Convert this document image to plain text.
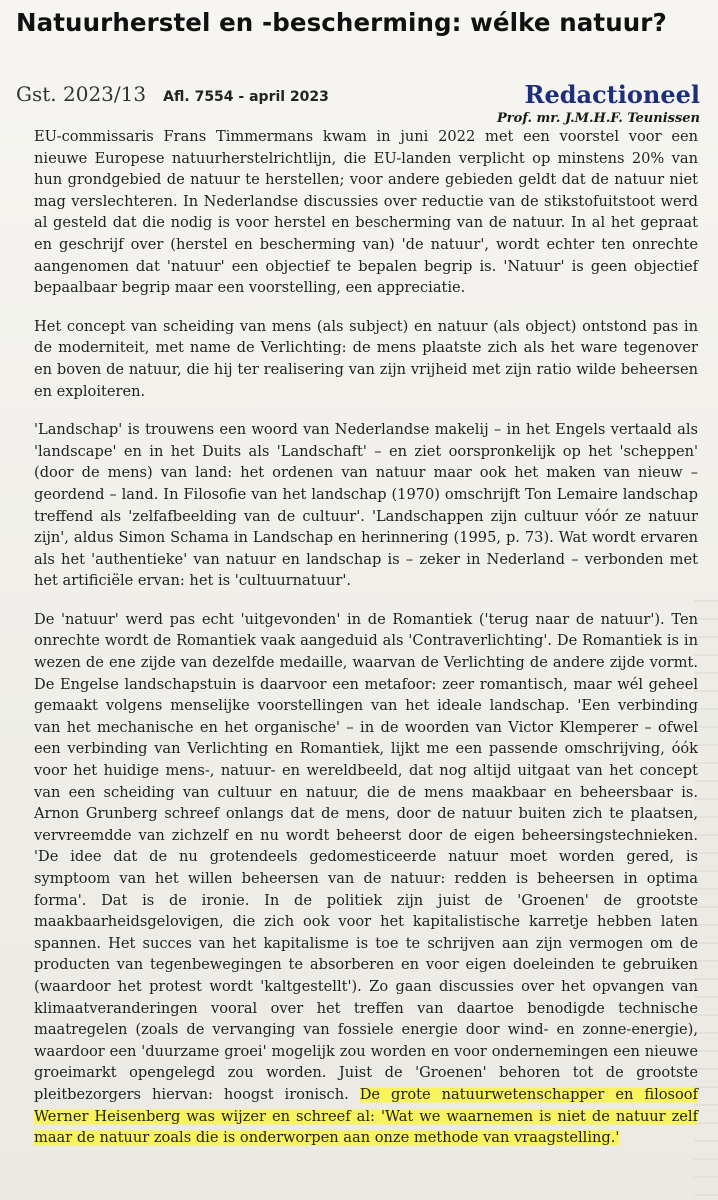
Natuurherstel en -bescherming: wélke natuur?
Gst. 2023/13 Afl. 7554 - april 2023	Redactioneel
Prof. mr. J.M.H.F. Teunissen

EU-commissaris Frans Timmermans kwam in juni 2022 met een voorstel voor een nieuwe Europese natuurherstelrichtlijn, die EU-landen verplicht op minstens 20% van hun grondgebied de natuur te herstellen; voor andere gebieden geldt dat de natuur niet mag verslechteren. In Nederlandse discussies over reductie van de stikstofuitstoot werd al gesteld dat die nodig is voor herstel en bescherming van de natuur. In al het gepraat en geschrijf over (herstel en bescherming van) 'de natuur', wordt echter ten onrechte aangenomen dat 'natuur' een objectief te bepalen begrip is. 'Natuur' is geen objectief bepaalbaar begrip maar een voorstelling, een appreciatie.

Het concept van scheiding van mens (als subject) en natuur (als object) ontstond pas in de moderniteit, met name de Verlichting: de mens plaatste zich als het ware tegenover en boven de natuur, die hij ter realisering van zijn vrijheid met zijn ratio wilde beheersen en exploiteren.

'Landschap' is trouwens een woord van Nederlandse makelij – in het Engels vertaald als 'landscape' en in het Duits als 'Landschaft' – en ziet oorspronkelijk op het 'scheppen' (door de mens) van land: het ordenen van natuur maar ook het maken van nieuw – geordend – land. In Filosofie van het landschap (1970) omschrijft Ton Lemaire landschap treffend als 'zelfafbeelding van de cultuur'. 'Landschappen zijn cultuur vóór ze natuur zijn', aldus Simon Schama in Landschap en herinnering (1995, p. 73). Wat wordt ervaren als het 'authentieke' van natuur en landschap is – zeker in Nederland – verbonden met het artificiële ervan: het is 'cultuurnatuur'.

De 'natuur' werd pas echt 'uitgevonden' in de Romantiek ('terug naar de natuur'). Ten onrechte wordt de Romantiek vaak aangeduid als 'Contraverlichting'. De Romantiek is in wezen de ene zijde van dezelfde medaille, waarvan de Verlichting de andere zijde vormt. De Engelse landschapstuin is daarvoor een metafoor: zeer romantisch, maar wél geheel gemaakt volgens menselijke voorstellingen van het ideale landschap. 'Een verbinding van het mechanische en het organische' – in de woorden van Victor Klemperer – ofwel een verbinding van Verlichting en Romantiek, lijkt me een passende omschrijving, óók voor het huidige mens-, natuur- en wereldbeeld, dat nog altijd uitgaat van het concept van een scheiding van cultuur en natuur, die de mens maakbaar en beheersbaar is. Arnon Grunberg schreef onlangs dat de mens, door de natuur buiten zich te plaatsen, vervreemdde van zichzelf en nu wordt beheerst door de eigen beheersingstechnieken. 'De idee dat de nu grotendeels gedomesticeerde natuur moet worden gered, is symptoom van het willen beheersen van de natuur: redden is beheersen in optima forma'. Dat is de ironie. In de politiek zijn juist de 'Groenen' de grootste maakbaarheidsgelovigen, die zich ook voor het kapitalistische karretje hebben laten spannen. Het succes van het kapitalisme is toe te schrijven aan zijn vermogen om de producten van tegenbewegingen te absorberen en voor eigen doeleinden te gebruiken (waardoor het protest wordt 'kaltgestellt'). Zo gaan discussies over het opvangen van klimaatveranderingen vooral over het treffen van daartoe benodigde technische maatregelen (zoals de vervanging van fossiele energie door wind- en zonne-energie), waardoor een 'duurzame groei' mogelijk zou worden en voor ondernemingen een nieuwe groeimarkt opengelegd zou worden. Juist de 'Groenen' behoren tot de grootste pleitbezorgers hiervan: hoogst ironisch. De grote natuurwetenschapper en filosoof Werner Heisenberg was wijzer en schreef al: 'Wat we waarnemen is niet de natuur zelf maar de natuur zoals die is onderworpen aan onze methode van vraagstelling.'
